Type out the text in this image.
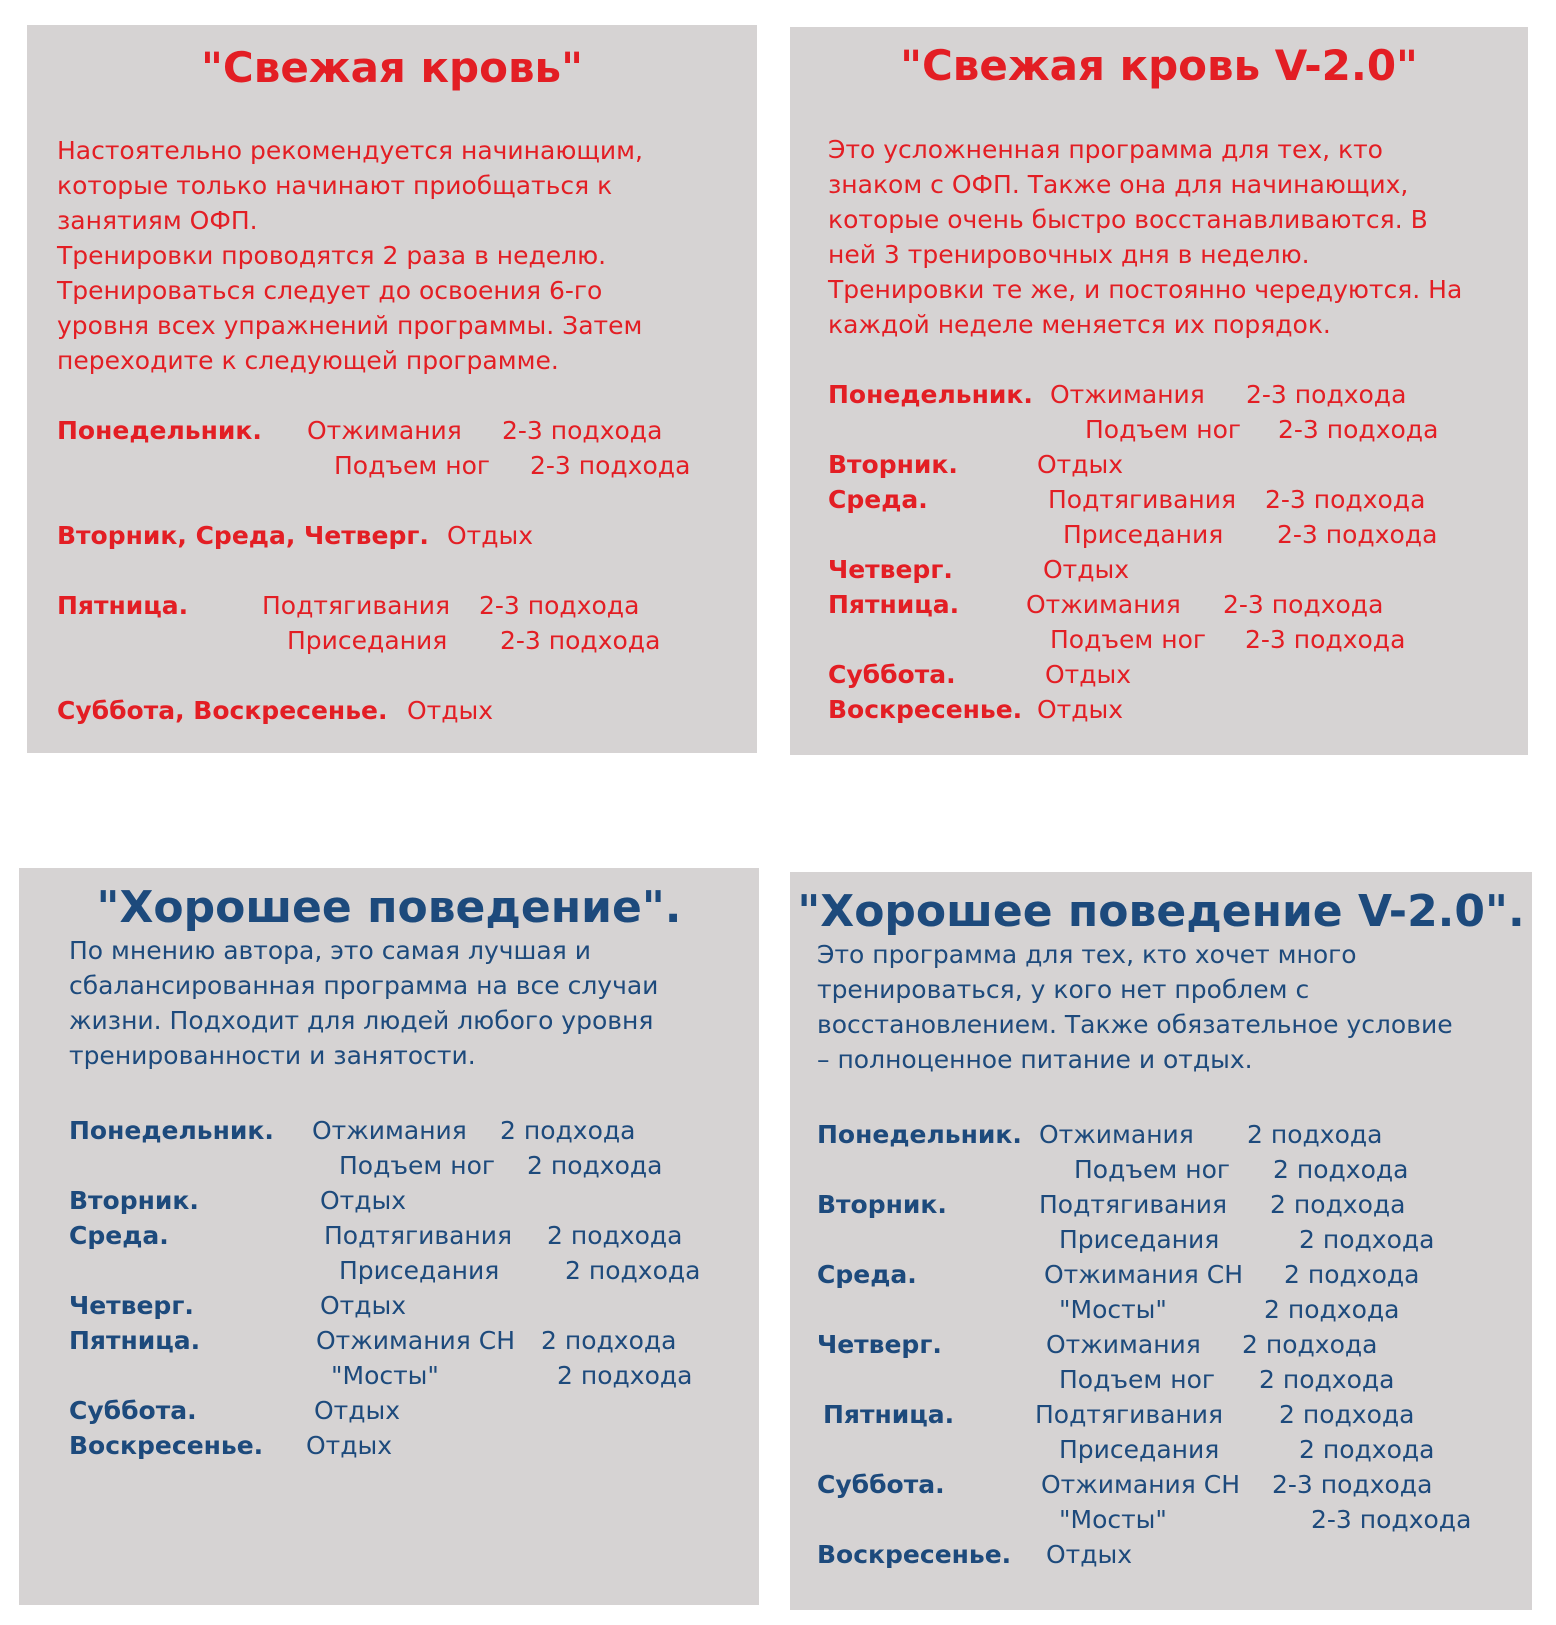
"Свежая кровь"
Настоятельно рекомендуется начинающим,
которые только начинают приобщаться к
занятиям ОФП.
Тренировки проводятся 2 раза в неделю.
Тренироваться следует до освоения 6-го
уровня всех упражнений программы. Затем
переходите к следующей программе.
Понедельник. Отжимания 2-3 подхода
Подъем ног 2-3 подхода
Вторник, Среда, Четверг. Отдых
Пятница.	Подтягивания 2-3 подхода
Приседания 2-3 подхода
Суббота, Воскресенье. Отдых
"Свежая кровь V-2.0"
Это усложненная программа для тех, кто
знаком с ОФП. Также она для начинающих,
которые очень быстро восстанавливаются. В
ней 3 тренировочных дня в неделю.
Тренировки те же, и постоянно чередуются. На
каждой неделе меняется их порядок.
Понедельник. Отжимания 2-3 подхода
Подъем ног 2-3 подхода
Вторник.	Отдых
Среда.	Подтягивания 2-3 подхода
Приседания 2-3 подхода
Четверг.	Отдых
Пятница.	Отжимания 2-3 подхода
Подъем ног 2-3 подхода
Суббота.	Отдых
Воскресенье. Отдых
"Хорошее поведение".
По мнению автора, это самая лучшая и
сбалансированная программа на все случаи
жизни. Подходит для людей любого уровня
тренированности и занятости.
Понедельник. Отжимания 2 подхода
Подъем ног 2 подхода
Вторник.	Отдых
Среда.	Подтягивания 2 подхода
Приседания	2 подхода
Четверг.	Отдых
Пятница.	Отжимания СН 2 подхода
"Мосты"	2 подхода
Суббота.	Отдых
Воскресенье. Отдых
"Хорошее поведение V-2.0".
Это программа для тех, кто хочет много
тренироваться, у кого нет проблем с
восстановлением. Также обязательное условие
– полноценное питание и отдых.
Понедельник. Отжимания 2 подхода
Подъем ног 2 подхода
Вторник.	Подтягивания 2 подхода
Приседания	2 подхода
Среда.	Отжимания СН 2 подхода
"Мосты"	2 подхода
Четверг.	Отжимания 2 подхода
Подъем ног 2 подхода
Пятница.	Подтягивания 2 подхода
Приседания	2 подхода
Суббота.	Отжимания СН 2-3 подхода
"Мосты"	2-3 подхода
Воскресенье. Отдых
